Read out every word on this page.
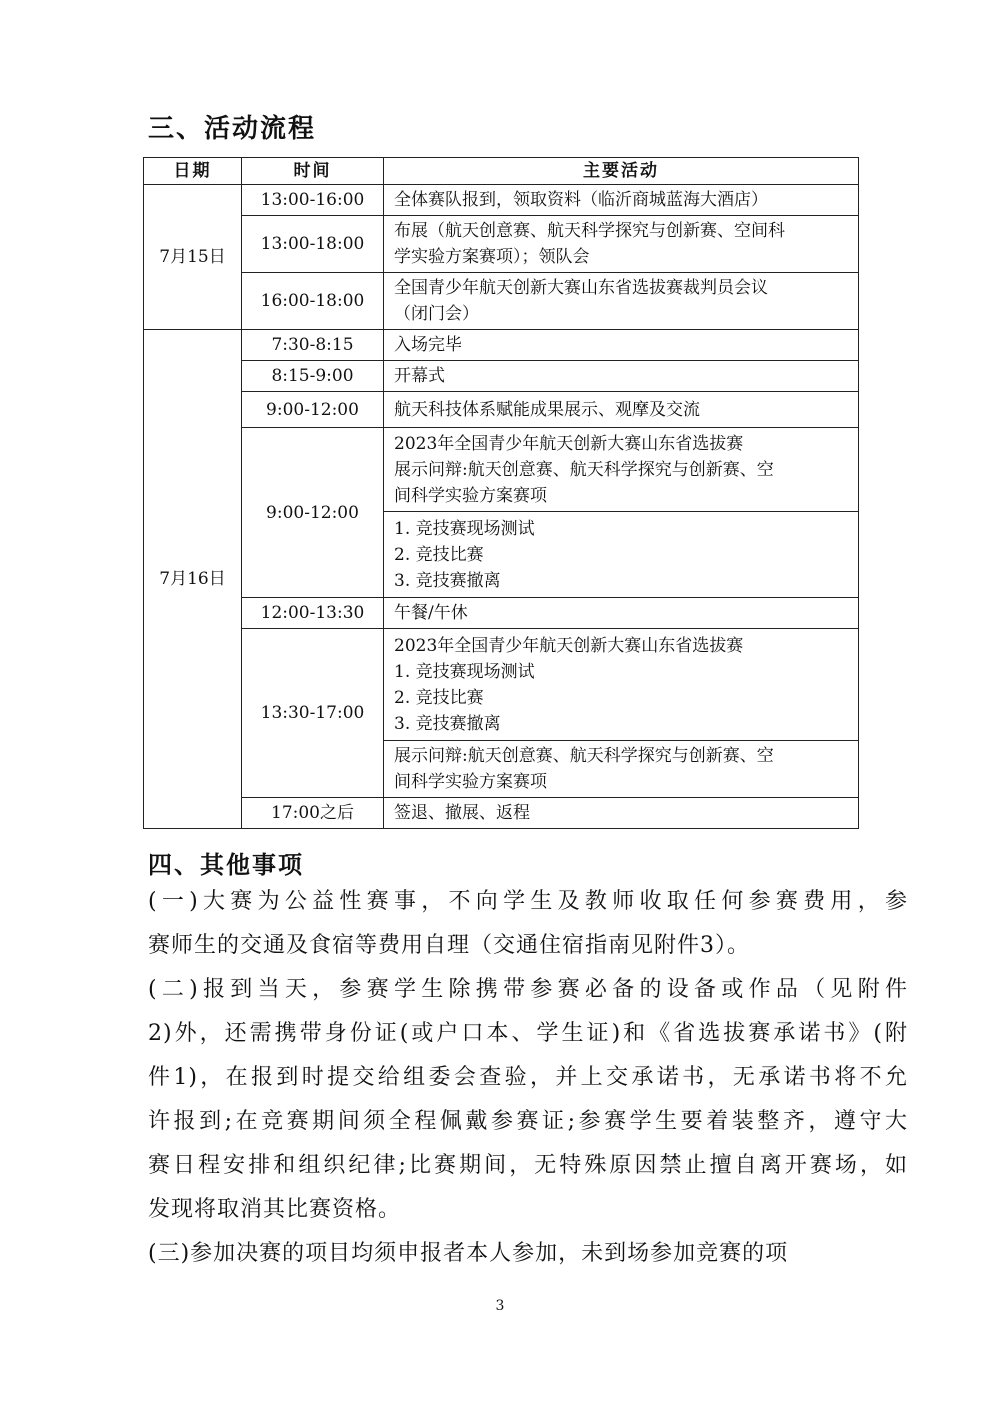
三、活动流程
日期	时间	主要活动
7月15日	13:00-16:00	全体赛队报到，领取资料（临沂商城蓝海大酒店）

	13:00-18:00	布展（航天创意赛、航天科学探究与创新赛、空间科
学实验方案赛项）；领队会

	16:00-18:00	全国青少年航天创新大赛山东省选拔赛裁判员会议
（闭门会）

7月16日	7:30-8:15	入场完毕

	8:15-9:00	开幕式

	9:00-12:00	航天科技体系赋能成果展示、观摩及交流

	9:00-12:00	2023年全国青少年航天创新大赛山东省选拔赛
展示问辩:航天创意赛、航天科学探究与创新赛、空
间科学实验方案赛项

		1. 竞技赛现场测试
2. 竞技比赛
3. 竞技赛撤离

	12:00-13:30	午餐/午休

	13:30-17:00	2023年全国青少年航天创新大赛山东省选拔赛
1. 竞技赛现场测试
2. 竞技比赛
3. 竞技赛撤离

		展示问辩:航天创意赛、航天科学探究与创新赛、空
间科学实验方案赛项

	17:00之后	签退、撤展、返程
四、其他事项
(一)大赛为公益性赛事，不向学生及教师收取任何参赛费用，参
赛师生的交通及食宿等费用自理（交通住宿指南见附件3）。
(二)报到当天，参赛学生除携带参赛必备的设备或作品（见附件
2)外，还需携带身份证(或户口本、学生证)和《省选拔赛承诺书》(附
件1)，在报到时提交给组委会查验，并上交承诺书，无承诺书将不允
许报到;在竞赛期间须全程佩戴参赛证;参赛学生要着装整齐，遵守大
赛日程安排和组织纪律;比赛期间，无特殊原因禁止擅自离开赛场，如
发现将取消其比赛资格。
(三)参加决赛的项目均须申报者本人参加，未到场参加竞赛的项
3
